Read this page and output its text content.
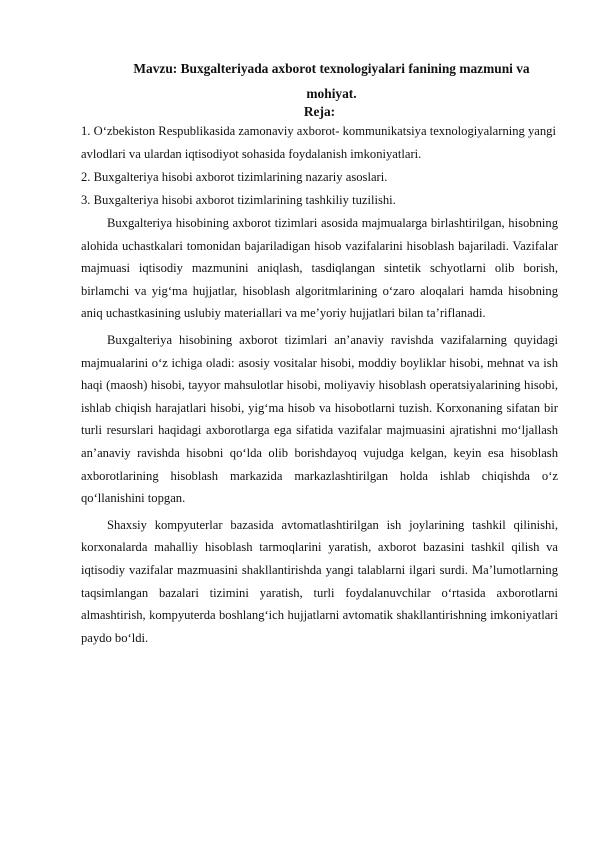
Mavzu: Buxgalteriyada axborot texnologiyalari fanining mazmuni va mohiyat.
Reja:
1. O‘zbekiston Respublikasida zamonaviy axborot- kommunikatsiya texnologiyalarning yangi avlodlari va ulardan iqtisodiyot sohasida foydalanish imkoniyatlari.
2. Buxgalteriya hisobi axborot tizimlarining nazariy asoslari.
3. Buxgalteriya hisobi axborot tizimlarining tashkiliy tuzilishi.

Buxgalteriya hisobining axborot tizimlari asosida majmualarga birlashtirilgan, hisobning alohida uchastkalari tomonidan bajariladigan hisob vazifalarini hisoblash bajariladi. Vazifalar majmuasi iqtisodiy mazmunini aniqlash, tasdiqlangan sintetik schyotlarni olib borish, birlamchi va yig‘ma hujjatlar, hisoblash algoritmlarining o‘zaro aloqalari hamda hisobning aniq uchastkasining uslubiy materiallari va me’yoriy hujjatlari bilan ta’riflanadi.

Buxgalteriya hisobining axborot tizimlari an’anaviy ravishda vazifalarning quyidagi majmualarini o‘z ichiga oladi: asosiy vositalar hisobi, moddiy boyliklar hisobi, mehnat va ish haqi (maosh) hisobi, tayyor mahsulotlar hisobi, moliyaviy hisoblash operatsiyalarining hisobi, ishlab chiqish harajatlari hisobi, yig‘ma hisob va hisobotlarni tuzish. Korxonaning sifatan bir turli resurslari haqidagi axborotlarga ega sifatida vazifalar majmuasini ajratishni mo‘ljallash an’anaviy ravishda hisobni qo‘lda olib borishdayoq vujudga kelgan, keyin esa hisoblash axborotlarining hisoblash markazida markazlashtirilgan holda ishlab chiqishda o‘z qo‘llanishini topgan.

Shaxsiy kompyuterlar bazasida avtomatlashtirilgan ish joylarining tashkil qilinishi, korxonalarda mahalliy hisoblash tarmoqlarini yaratish, axborot bazasini tashkil qilish va iqtisodiy vazifalar mazmuasini shakllantirishda yangi talablarni ilgari surdi. Ma’lumotlarning taqsimlangan bazalari tizimini yaratish, turli foydalanuvchilar o‘rtasida axborotlarni almashtirish, kompyuterda boshlang‘ich hujjatlarni avtomatik shakllantirishning imkoniyatlari paydo bo‘ldi.
